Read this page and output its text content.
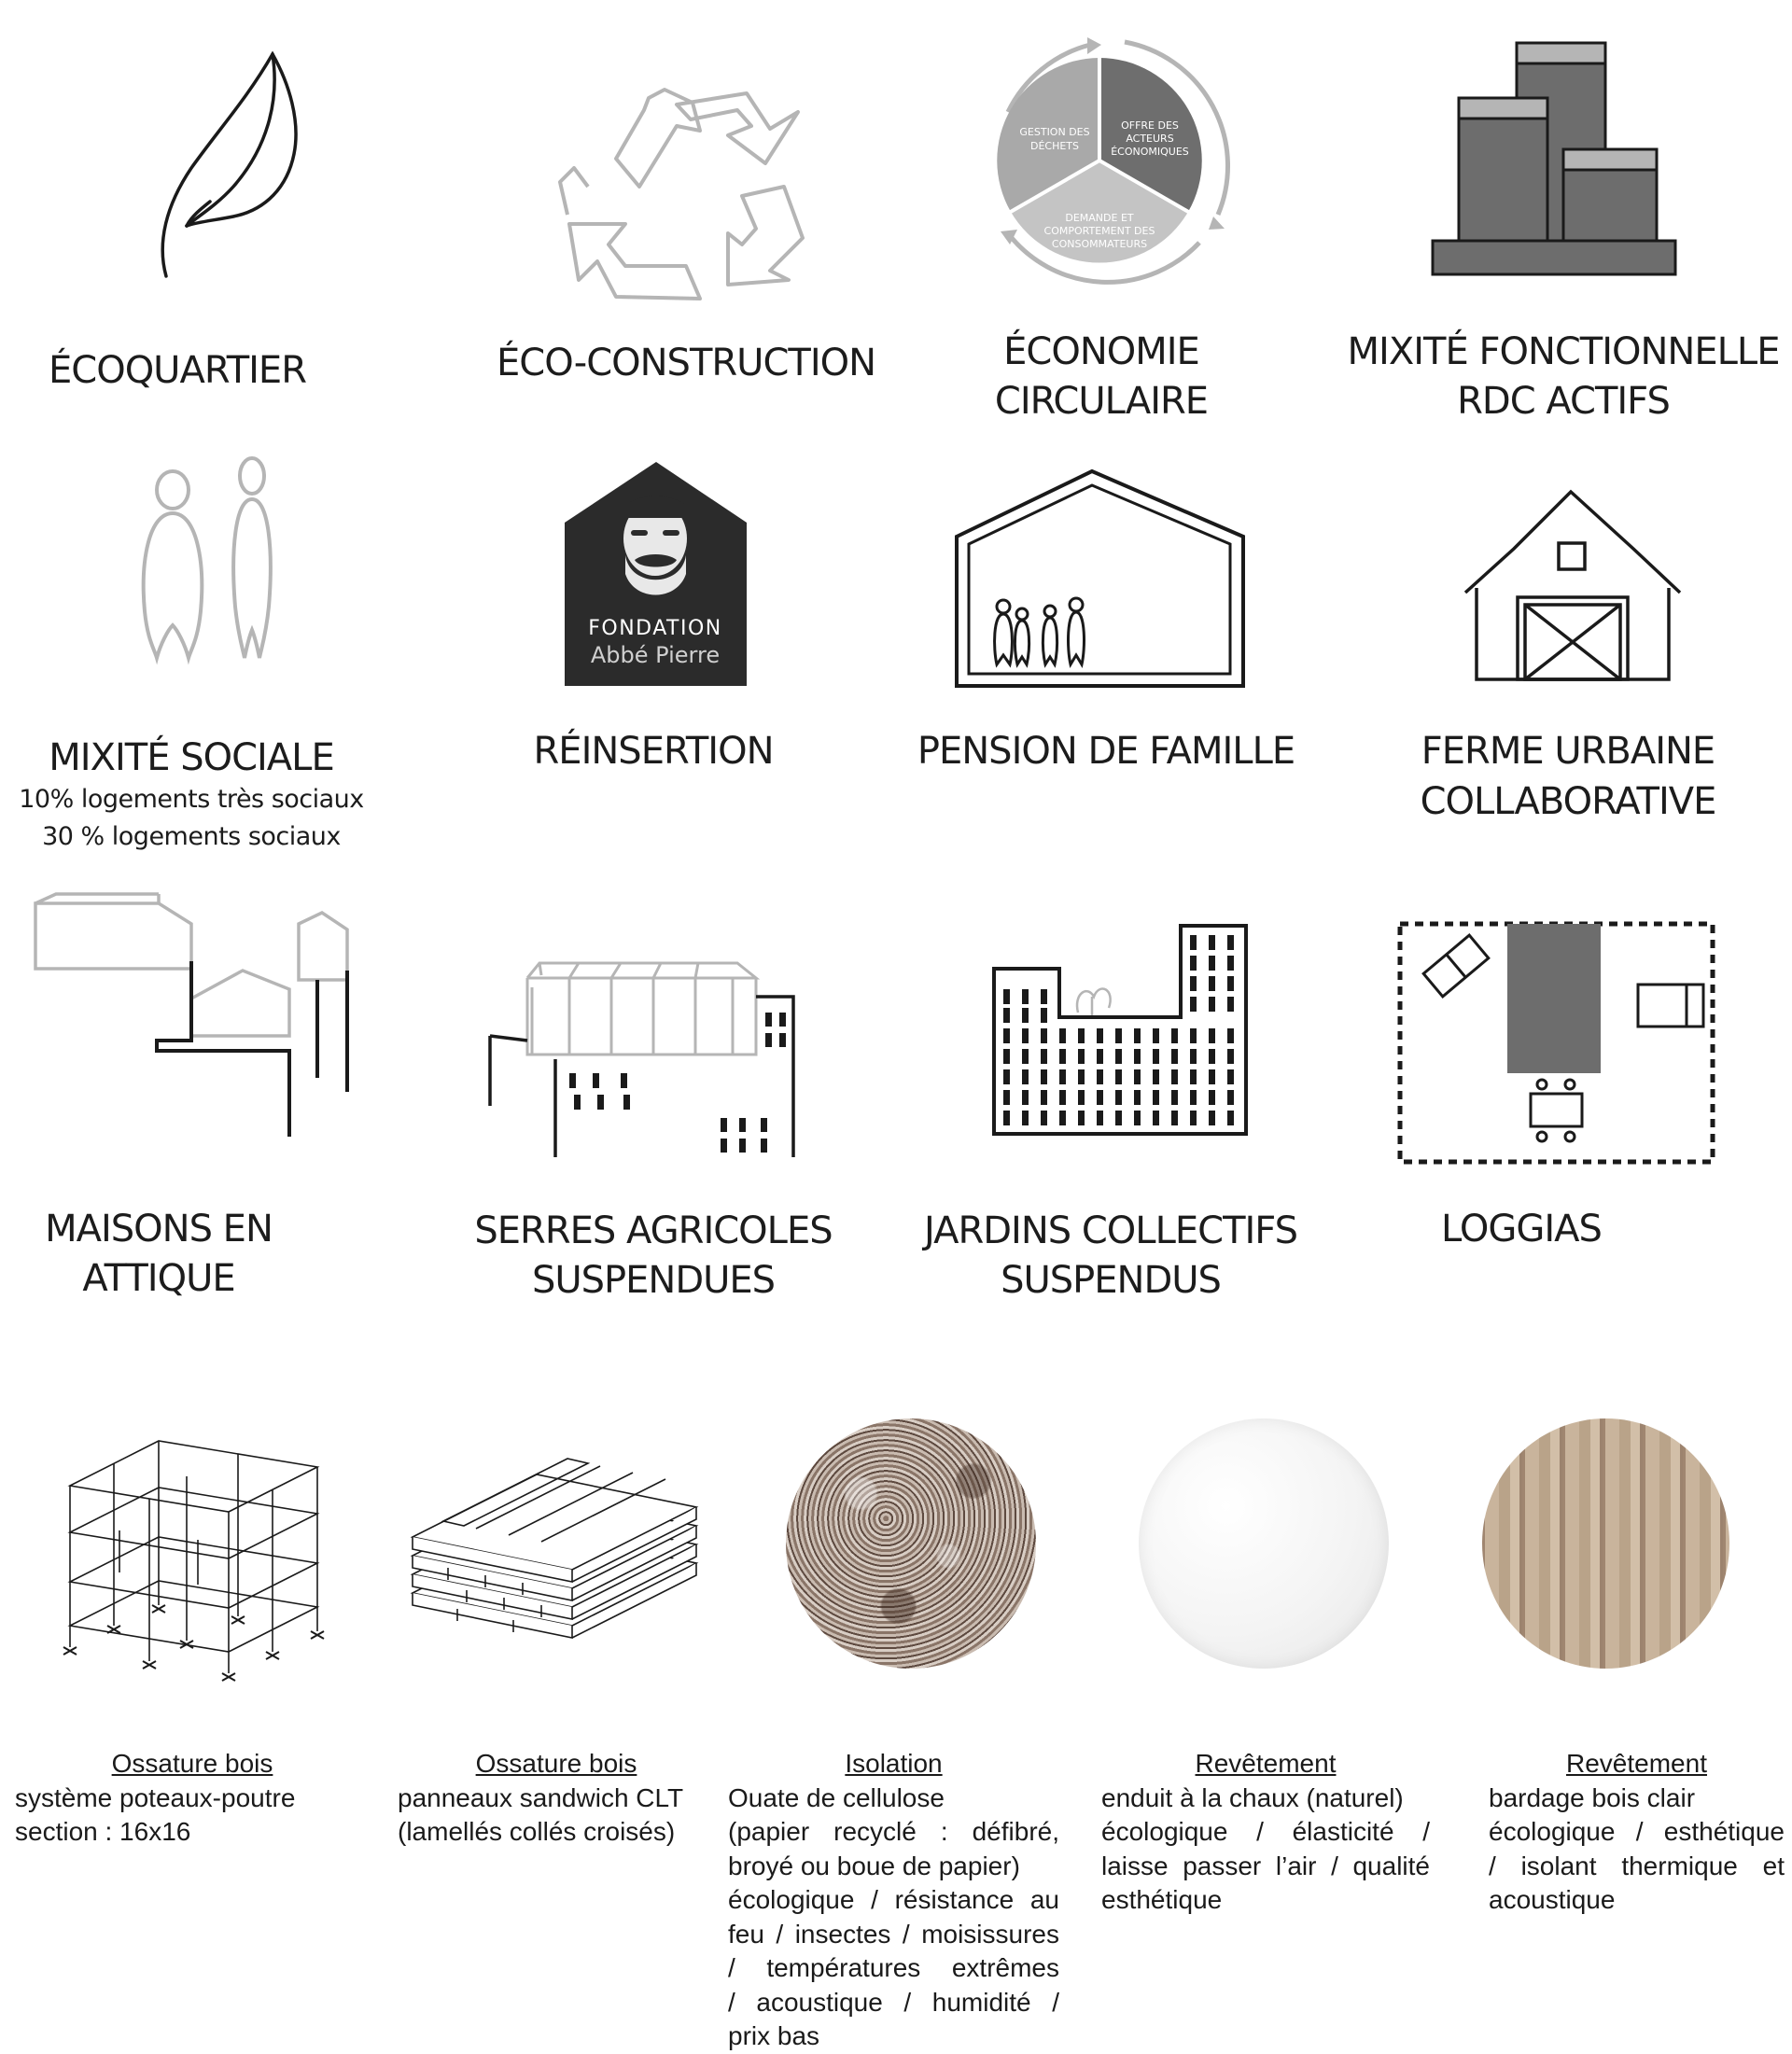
ÉCOQUARTIER	ÉCO-CONSTRUCTION
GESTION DES
DÉCHETS
OFFRE DES
ACTEURS
ÉCONOMIQUES
DEMANDE ET
COMPORTEMENT DES
CONSOMMATEURS
ÉCONOMIE
CIRCULAIRE
MIXITÉ FONCTIONNELLE
RDC ACTIFS
MIXITÉ SOCIALE
10% logements très sociaux
30 % logements sociaux
FONDATION
Abbé Pierre
RÉINSERTION	PENSION DE FAMILLE	FERME URBAINE
COLLABORATIVE
MAISONS EN
ATTIQUE
SERRES AGRICOLES
SUSPENDUES
JARDINS COLLECTIFS
SUSPENDUS
LOGGIAS
Ossature bois
système poteaux-poutre
section : 16x16
Ossature bois
panneaux sandwich CLT
(lamellés collés croisés)
Isolation
Ouate de cellulose
(papier recyclé : défibré,
broyé ou boue de papier)
écologique / résistance au
feu / insectes / moisissures
/ températures extrêmes
/ acoustique / humidité /
prix bas
Revêtement
enduit à la chaux (naturel)
écologique / élasticité /
laisse passer l’air / qualité
esthétique
Revêtement
bardage bois clair
écologique / esthétique
/ isolant thermique et
acoustique
